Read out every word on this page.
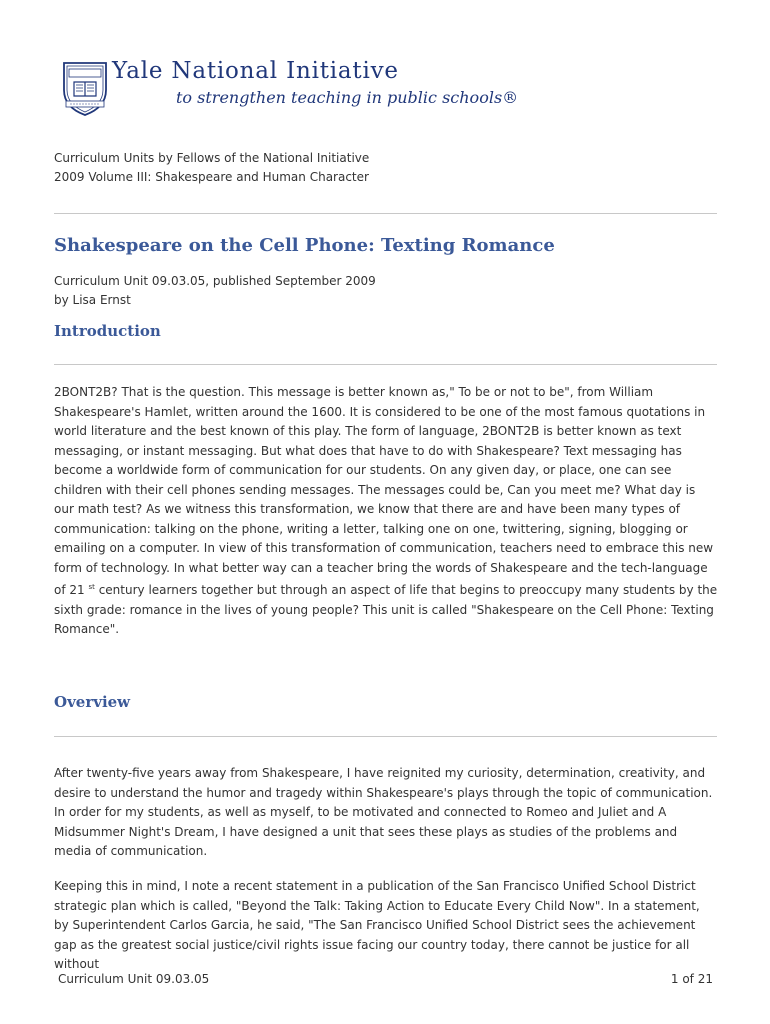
Yale National Initiative

to strengthen teaching in public schools®

Curriculum Units by Fellows of the National Initiative
2009 Volume III: Shakespeare and Human Character
Shakespeare on the Cell Phone: Texting Romance
Curriculum Unit 09.03.05, published September 2009
by Lisa Ernst
Introduction

2BONT2B? That is the question. This message is better known as," To be or not to be", from William Shakespeare's Hamlet, written around the 1600. It is considered to be one of the most famous quotations in world literature and the best known of this play. The form of language, 2BONT2B is better known as text messaging, or instant messaging. But what does that have to do with Shakespeare? Text messaging has become a worldwide form of communication for our students. On any given day, or place, one can see children with their cell phones sending messages. The messages could be, Can you meet me? What day is our math test? As we witness this transformation, we know that there are and have been many types of communication: talking on the phone, writing a letter, talking one on one, twittering, signing, blogging or emailing on a computer. In view of this transformation of communication, teachers need to embrace this new form of technology. In what better way can a teacher bring the words of Shakespeare and the tech-language of 21 $^{st}$ century learners together but through an aspect of life that begins to preoccupy many students by the sixth grade: romance in the lives of young people? This unit is called "Shakespeare on the Cell Phone: Texting Romance".

Overview

After twenty-five years away from Shakespeare, I have reignited my curiosity, determination, creativity, and desire to understand the humor and tragedy within Shakespeare's plays through the topic of communication. In order for my students, as well as myself, to be motivated and connected to Romeo and Juliet and A Midsummer Night's Dream, I have designed a unit that sees these plays as studies of the problems and media of communication.

Keeping this in mind, I note a recent statement in a publication of the San Francisco Unified School District strategic plan which is called, "Beyond the Talk: Taking Action to Educate Every Child Now". In a statement, by Superintendent Carlos Garcia, he said, "The San Francisco Unified School District sees the achievement gap as the greatest social justice/civil rights issue facing our country today, there cannot be justice for all without

Curriculum Unit 09.03.05	1 of 21
